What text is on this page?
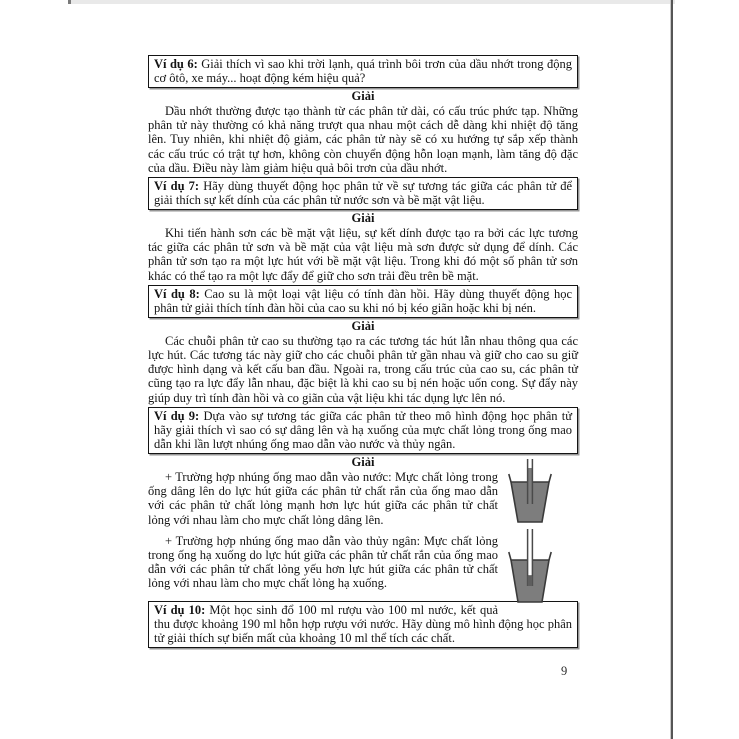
Ví dụ 6: Giải thích vì sao khi trời lạnh, quá trình bôi trơn của dầu nhớt trong động cơ ôtô, xe máy... hoạt động kém hiệu quả?
Giải

Dầu nhớt thường được tạo thành từ các phân tử dài, có cấu trúc phức tạp. Những phân tử này thường có khả năng trượt qua nhau một cách dễ dàng khi nhiệt độ tăng lên. Tuy nhiên, khi nhiệt độ giảm, các phân tử này sẽ có xu hướng tự sắp xếp thành các cấu trúc có trật tự hơn, không còn chuyển động hỗn loạn mạnh, làm tăng độ đặc của dầu. Điều này làm giảm hiệu quả bôi trơn của dầu nhớt.

Ví dụ 7: Hãy dùng thuyết động học phân tử về sự tương tác giữa các phân tử để giải thích sự kết dính của các phân tử nước sơn và bề mặt vật liệu.
Giải

Khi tiến hành sơn các bề mặt vật liệu, sự kết dính được tạo ra bởi các lực tương tác giữa các phân tử sơn và bề mặt của vật liệu mà sơn được sử dụng để dính. Các phân tử sơn tạo ra một lực hút với bề mặt vật liệu. Trong khi đó một số phân tử sơn khác có thể tạo ra một lực đẩy để giữ cho sơn trải đều trên bề mặt.

Ví dụ 8: Cao su là một loại vật liệu có tính đàn hồi. Hãy dùng thuyết động học phân tử giải thích tính đàn hồi của cao su khi nó bị kéo giãn hoặc khi bị nén.
Giải

Các chuỗi phân tử cao su thường tạo ra các tương tác hút lẫn nhau thông qua các lực hút. Các tương tác này giữ cho các chuỗi phân tử gần nhau và giữ cho cao su giữ được hình dạng và kết cấu ban đầu. Ngoài ra, trong cấu trúc của cao su, các phân tử cũng tạo ra lực đẩy lẫn nhau, đặc biệt là khi cao su bị nén hoặc uốn cong. Sự đẩy này giúp duy trì tính đàn hồi và co giãn của vật liệu khi tác dụng lực lên nó.

Ví dụ 9: Dựa vào sự tương tác giữa các phân tử theo mô hình động học phân tử hãy giải thích vì sao có sự dâng lên và hạ xuống của mực chất lỏng trong ống mao dẫn khi lần lượt nhúng ống mao dẫn vào nước và thủy ngân.
Giải

+ Trường hợp nhúng ống mao dẫn vào nước: Mực chất lỏng trong ống dâng lên do lực hút giữa các phân tử chất rắn của ống mao dẫn với các phân tử chất lỏng mạnh hơn lực hút giữa các phân tử chất lỏng với nhau làm cho mực chất lỏng dâng lên.

+ Trường hợp nhúng ống mao dẫn vào thủy ngân: Mực chất lỏng trong ống hạ xuống do lực hút giữa các phân tử chất rắn của ống mao dẫn với các phân tử chất lỏng yếu hơn lực hút giữa các phân tử chất lỏng với nhau làm cho mực chất lỏng hạ xuống.

Ví dụ 10: Một học sinh đổ 100 ml rượu vào 100 ml nước, kết quả thu được khoảng 190 ml hỗn hợp rượu với nước. Hãy dùng mô hình động học phân tử giải thích sự biến mất của khoảng 10 ml thể tích các chất.
9
